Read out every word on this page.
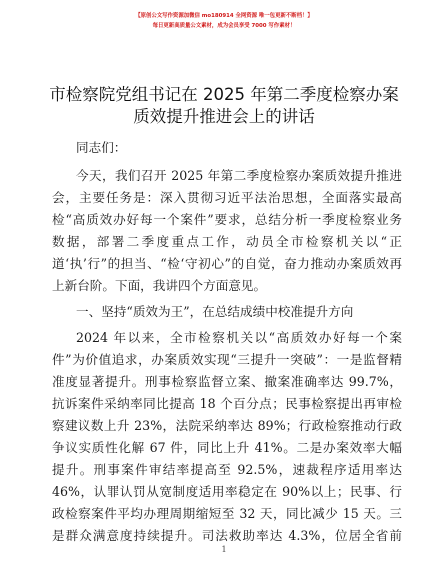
【原创公文写作资源加微信 mo180914 全网资源 唯一包更新不断档！】
每日更新高质量公文素材，成为会员享受 7000 写作素材！
市检察院党组书记在 2025 年第二季度检察办案
质效提升推进会上的讲话
同志们：
今天，我们召开 2025 年第二季度检察办案质效提升推进
会，主要任务是：深入贯彻习近平法治思想，全面落实最高
检“高质效办好每一个案件”要求，总结分析一季度检察业务
数据，部署二季度重点工作，动员全市检察机关以“正
道‘执’行”的担当、“检‘守初心”的自觉，奋力推动办案质效再
上新台阶。下面，我讲四个方面意见。
一、坚持“质效为王”，在总结成绩中校准提升方向
2024 年以来，全市检察机关以“高质效办好每一个案
件”为价值追求，办案质效实现“三提升一突破”：一是监督精
准度显著提升。刑事检察监督立案、撤案准确率达 99.7%，
抗诉案件采纳率同比提高 18 个百分点；民事检察提出再审检
察建议数上升 23%，法院采纳率达 89%；行政检察推动行政
争议实质性化解 67 件，同比上升 41%。二是办案效率大幅
提升。刑事案件审结率提高至 92.5%，速裁程序适用率达
46%，认罪认罚从宽制度适用率稳定在 90%以上；民事、行
政检察案件平均办理周期缩短至 32 天，同比减少 15 天。三
是群众满意度持续提升。司法救助率达 4.3%，位居全省前
1
